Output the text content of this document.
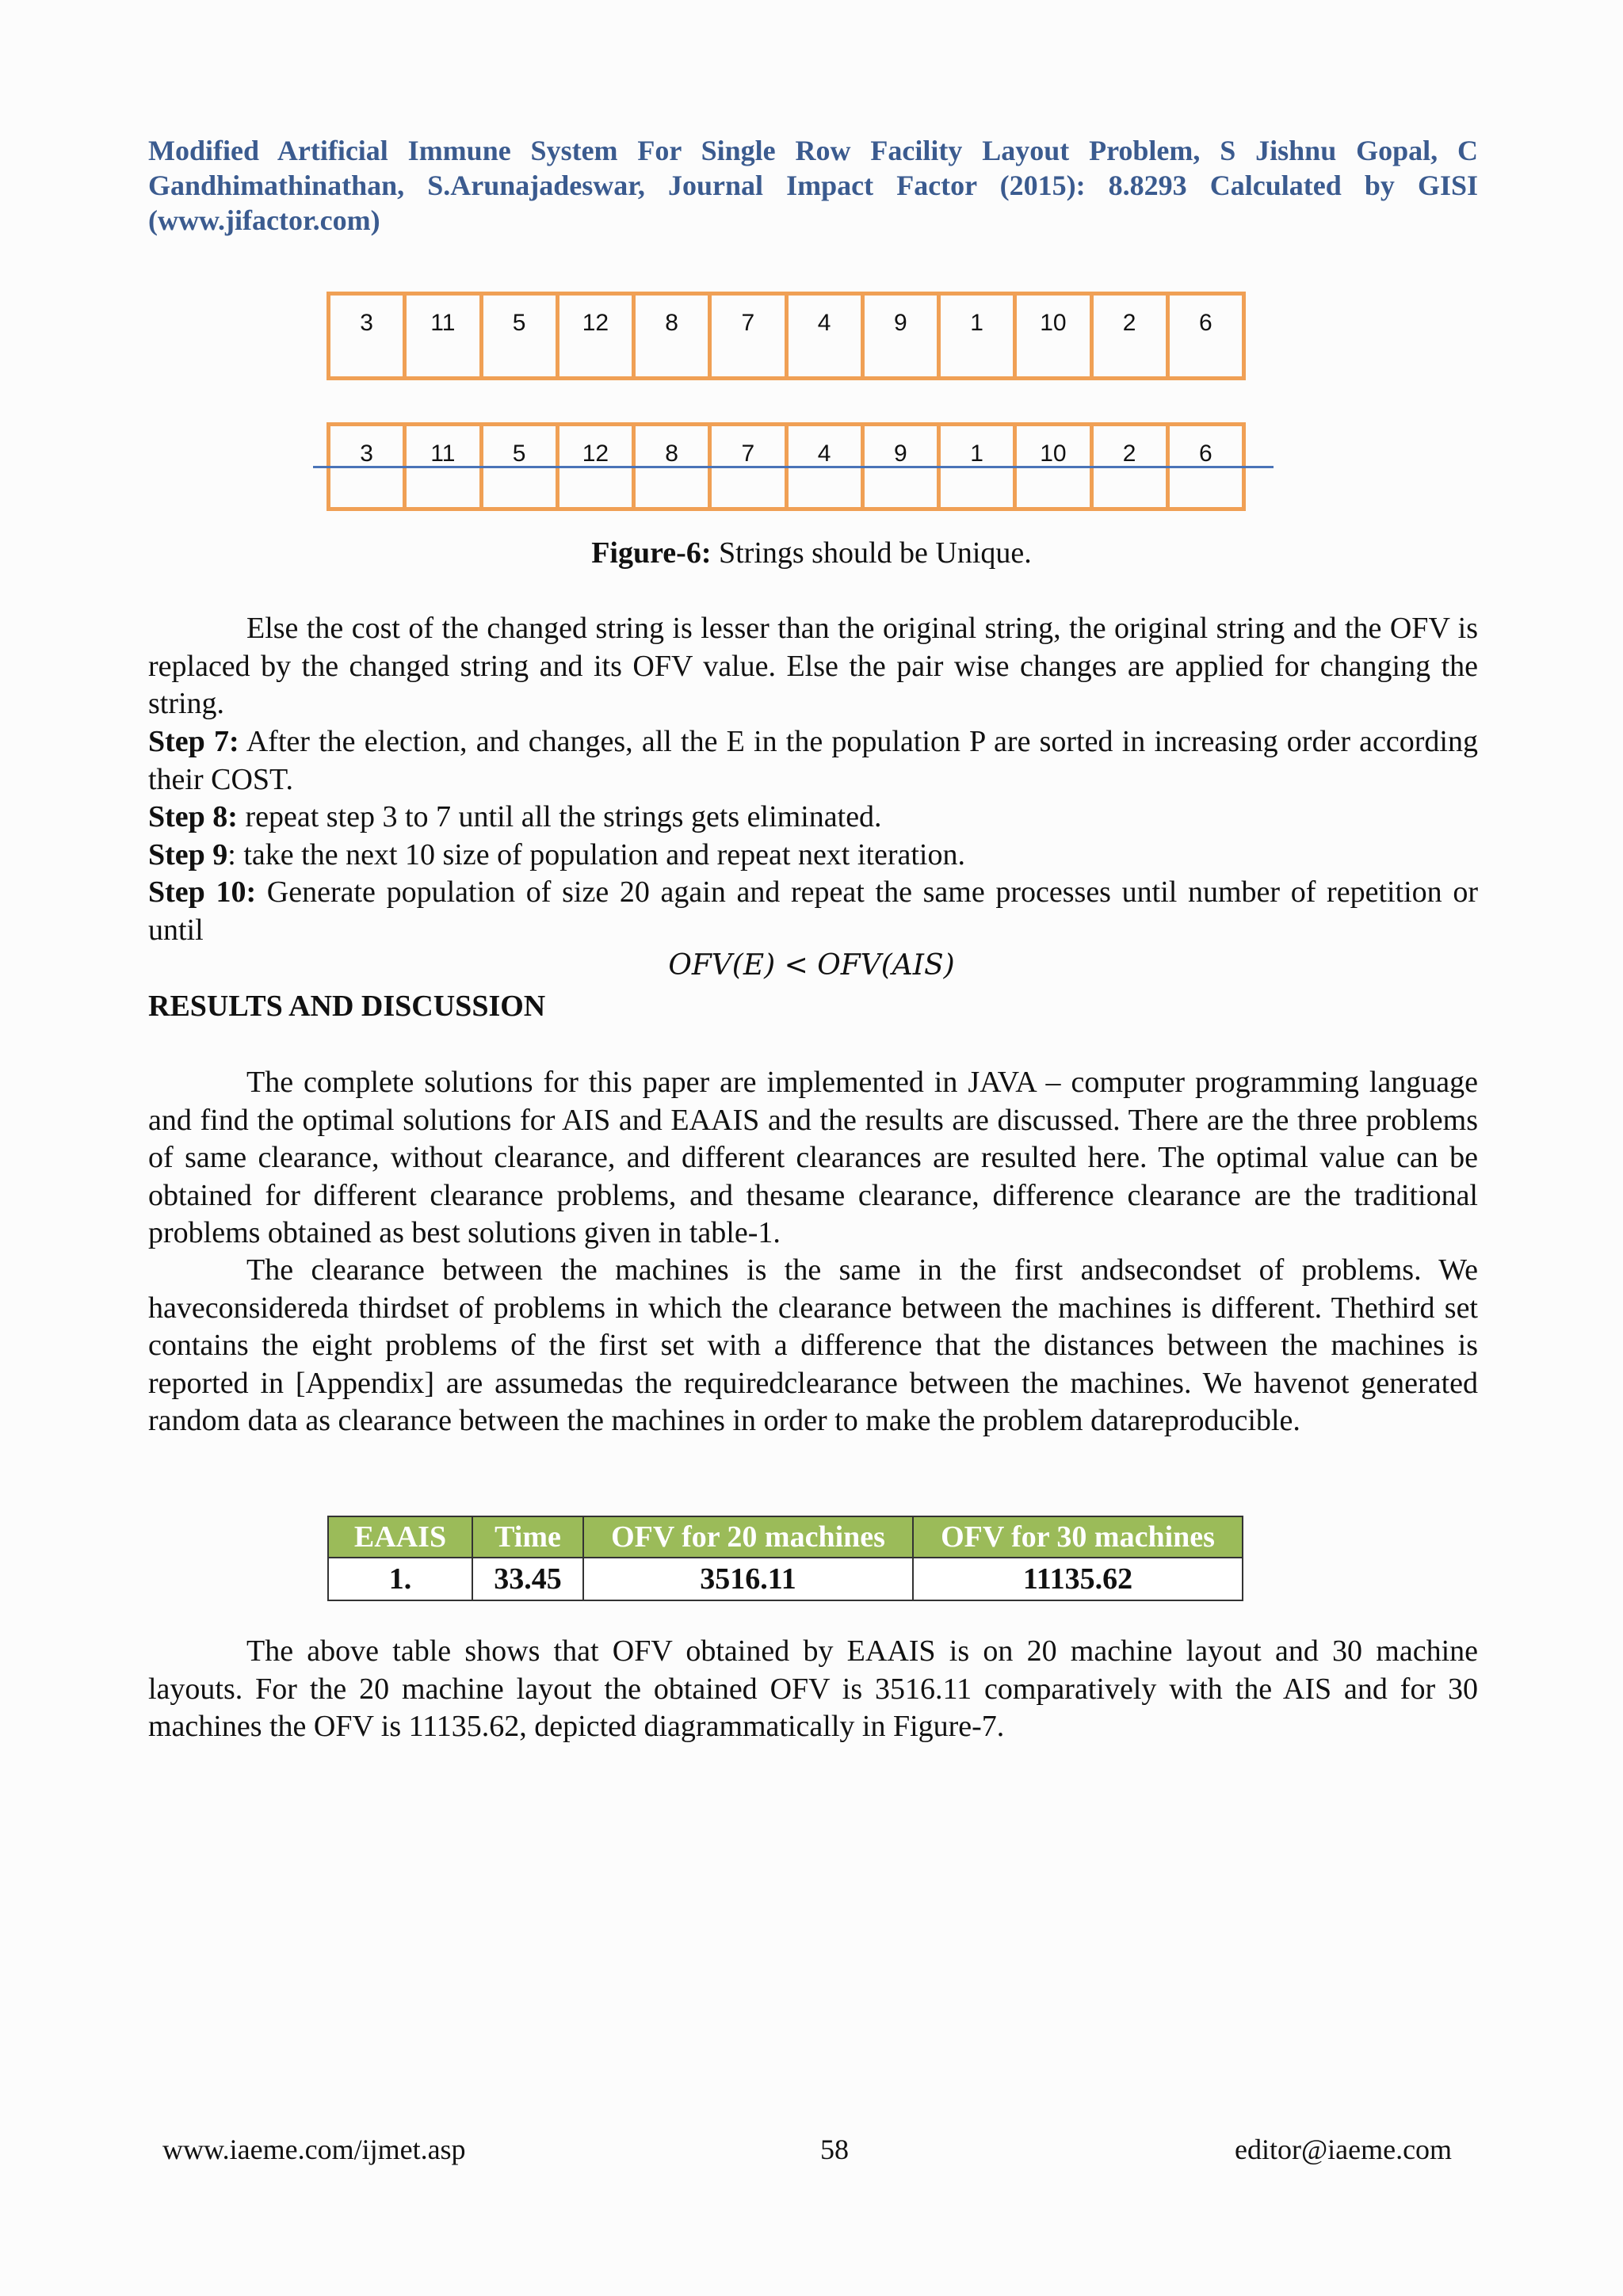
Modified Artificial Immune System For Single Row Facility Layout Problem, S Jishnu Gopal, C Gandhimathinathan, S.Arunajadeswar, Journal Impact Factor (2015): 8.8293 Calculated by GISI (www.jifactor.com)
3	11	5	12	8	7	4	9	1	10	2	6
3	11	5	12	8	7	4	9	1	10	2	6
Figure-6: Strings should be Unique.
Else the cost of the changed string is lesser than the original string, the original string and the OFV is replaced by the changed string and its OFV value. Else the pair wise changes are applied for changing the string.
Step 7: After the election, and changes, all the E in the population P are sorted in increasing order according their COST.
Step 8: repeat step 3 to 7 until all the strings gets eliminated.
Step 9: take the next 10 size of population and repeat next iteration.
Step 10: Generate population of size 20 again and repeat the same processes until number of repetition or until
OFV(E) < OFV(AIS)
RESULTS AND DISCUSSION
The complete solutions for this paper are implemented in JAVA – computer programming language and find the optimal solutions for AIS and EAAIS and the results are discussed. There are the three problems of same clearance, without clearance, and different clearances are resulted here. The optimal value can be obtained for different clearance problems, and thesame clearance, difference clearance are the traditional problems obtained as best solutions given in table-1.
The clearance between the machines is the same in the first andsecondset of problems. We haveconsidereda thirdset of problems in which the clearance between the machines is different. Thethird set contains the eight problems of the first set with a difference that the distances between the machines is reported in [Appendix] are assumedas the requiredclearance between the machines. We havenot generated random data as clearance between the machines in order to make the problem datareproducible.
EAAIS	Time	OFV for 20 machines	OFV for 30 machines
1.	33.45	3516.11	11135.62
The above table shows that OFV obtained by EAAIS is on 20 machine layout and 30 machine layouts. For the 20 machine layout the obtained OFV is 3516.11 comparatively with the AIS and for 30 machines the OFV is 11135.62, depicted diagrammatically in Figure-7.
www.iaeme.com/ijmet.asp	58	editor@iaeme.com
